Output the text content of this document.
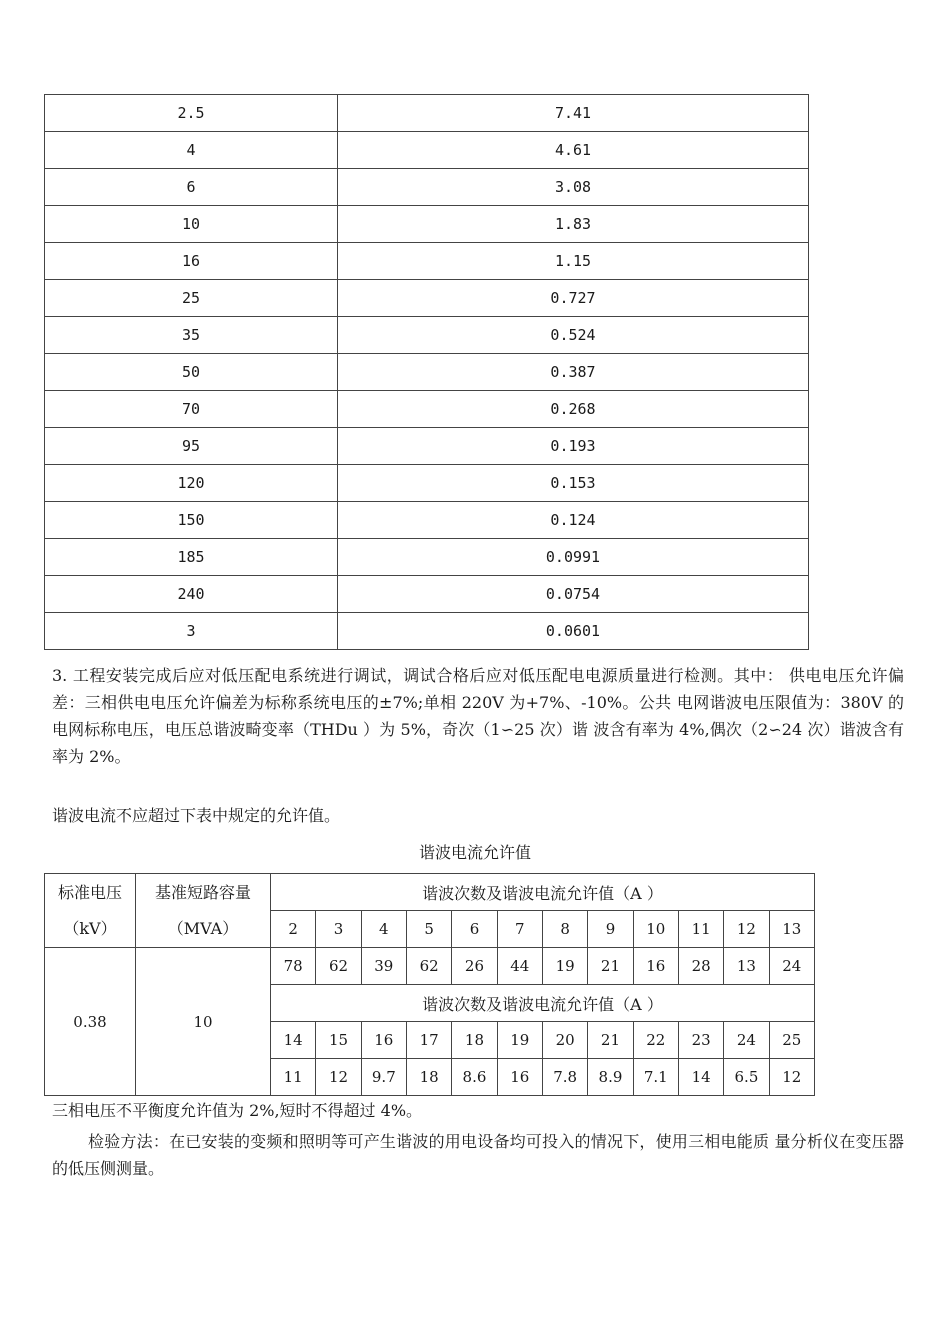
2.5	7.41
4	4.61
6	3.08
10	1.83
16	1.15
25	0.727
35	0.524
50	0.387
70	0.268
95	0.193
120	0.153
150	0.124
185	0.0991
240	0.0754
3	0.0601

3. 工程安装完成后应对低压配电系统进行调试，调试合格后应对低压配电电源质量进行检测。其中： 供电电压允许偏差：三相供电电压允许偏差为标称系统电压的±7%;单相 220V 为+7%、-10%。公共 电网谐波电压限值为：380V 的电网标称电压，电压总谐波畸变率（THDu ）为 5%，奇次（1∽25 次）谐 波含有率为 4%,偶次（2∽24 次）谐波含有率为 2%。

谐波电流不应超过下表中规定的允许值。

谐波电流允许值
标准电压（kV）	基准短路容量（MVA）	谐波次数及谐波电流允许值（A ）											
		2	3	4	5	6	7	8	9	10	11	12	13
0.38	10	78	62	39	62	26	44	19	21	16	28	13	24
		谐波次数及谐波电流允许值（A ）											
		14	15	16	17	18	19	20	21	22	23	24	25
		11	12	9.7	18	8.6	16	7.8	8.9	7.1	14	6.5	12

三相电压不平衡度允许值为 2%,短时不得超过 4%。

检验方法：在已安装的变频和照明等可产生谐波的用电设备均可投入的情况下，使用三相电能质 量分析仪在变压器的低压侧测量。
